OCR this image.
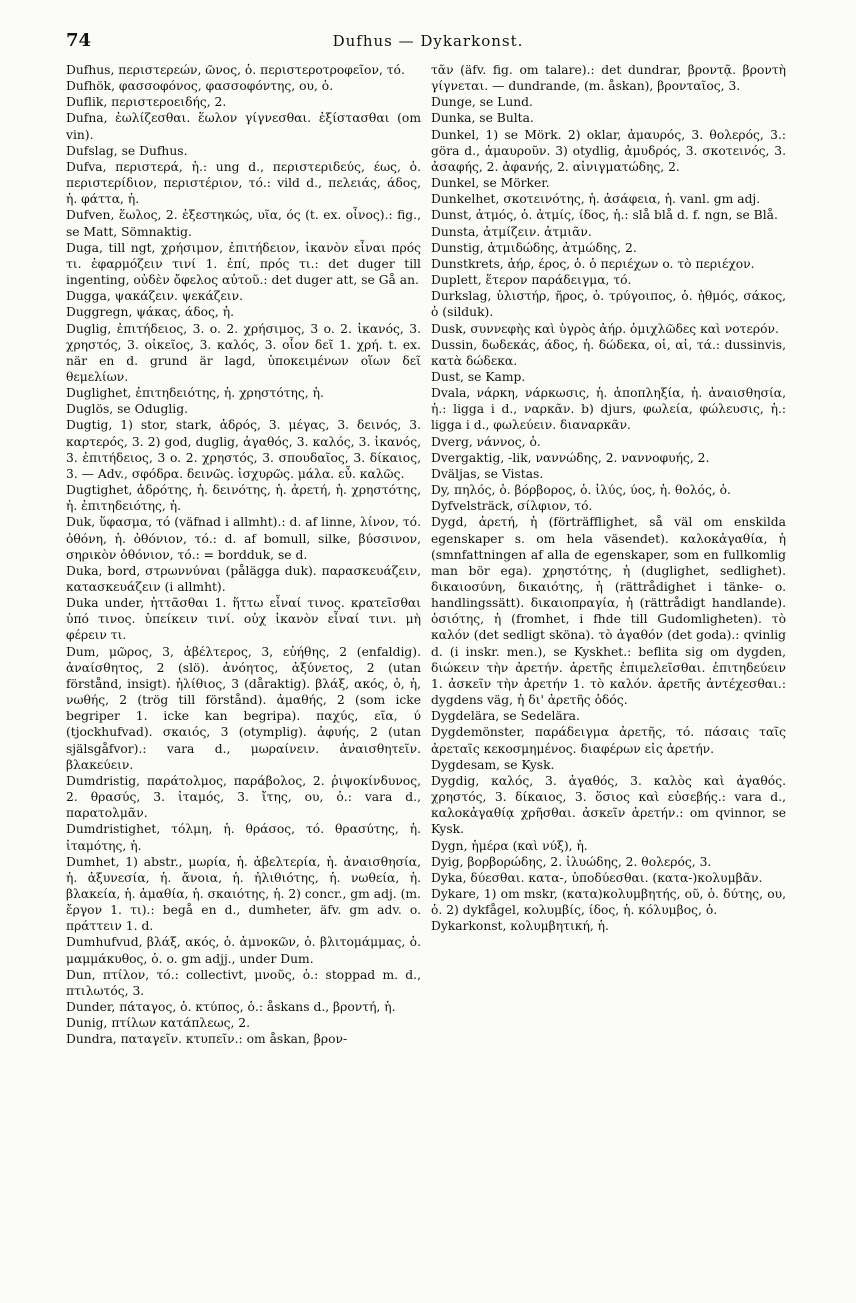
74	Dufhus — Dykarkonst.
Dufhus, περιστερεών, ῶνος, ὁ. περιστεροτροφεῖον, τό.
Dufhök, φασσοφόνος, φασσοφόντης, ου, ὁ.
Duflik, περιστεροειδής, 2.
Dufna, ἐωλίζεσθαι. ἕωλον γίγνεσθαι. ἐξίστασθαι (om vin).
Dufslag, se Dufhus.
Dufva, περιστερά, ἡ.: ung d., περιστεριδεύς, έως, ὁ. περιστερίδιον, περιστέριον, τό.: vild d., πελειάς, άδος, ἡ. φάττα, ἡ.
Dufven, ἕωλος, 2. ἐξεστηκώς, υῖα, ός (t. ex. οἶνος).: fig., se Matt, Sömnaktig.
Duga, till ngt, χρήσιμον, ἐπιτήδειον, ἱκανὸν εἶναι πρός τι. ἐφαρμόζειν τινί 1. ἐπί, πρός τι.: det duger till ingenting, οὐδὲν ὄφελος αὐτοῦ.: det duger att, se Gå an.
Dugga, ψακάζειν. ψεκάζειν.
Duggregn, ψάκας, άδος, ἡ.
Duglig, ἐπιτήδειος, 3. o. 2. χρήσιμος, 3 o. 2. ἱκανός, 3. χρηστός, 3. οἰκεῖος, 3. καλός, 3. οἷον δεῖ 1. χρή. t. ex. när en d. grund är lagd, ὑποκειμένων οἵων δεῖ θεμελίων.
Duglighet, ἐπιτηδειότης, ἡ. χρηστότης, ἡ.
Duglös, se Oduglig.
Dugtig, 1) stor, stark, ἁδρός, 3. μέγας, 3. δεινός, 3. καρτερός, 3. 2) god, duglig, ἀγαθός, 3. καλός, 3. ἱκανός, 3. ἐπιτήδειος, 3 o. 2. χρηστός, 3. σπουδαῖος, 3. δίκαιος, 3. — Adv., σφόδρα. δεινῶς. ἰσχυρῶς. μάλα. εὖ. καλῶς.
Dugtighet, ἁδρότης, ἡ. δεινότης, ἡ. ἀρετή, ἡ. χρηστότης, ἡ. ἐπιτηδειότης, ἡ.
Duk, ὕφασμα, τό (väfnad i allmht).: d. af linne, λίνον, τό. ὀθόνη, ἡ. ὀθόνιον, τό.: d. af bomull, silke, βύσσινον, σηρικὸν ὀθόνιον, τό.: = bordduk, se d.
Duka, bord, στρωννύναι (pålägga duk). παρασκευάζειν, κατασκευάζειν (i allmht).
Duka under, ἡττᾶσθαι 1. ἥττω εἶναί τινος. κρατεῖσθαι ὑπό τινος. ὑπείκειν τινί. οὐχ ἱκανὸν εἶναί τινι. μὴ φέρειν τι.
Dum, μῶρος, 3, ἀβέλτερος, 3, εὐήθης, 2 (enfaldig). ἀναίσθητος, 2 (slö). ἀνόητος, ἀξύνετος, 2 (utan förstånd, insigt). ἠλίθιος, 3 (dåraktig). βλάξ, ακός, ὁ, ἡ, νωθής, 2 (trög till förstånd). ἀμαθής, 2 (som icke begriper 1. icke kan begripa). παχύς, εῖα, ύ (tjockhufvad). σκαιός, 3 (otymplig). ἀφυής, 2 (utan själsgåfvor).: vara d., μωραίνειν. ἀναισθητεῖν. βλακεύειν.
Dumdristig, παράτολμος, παράβολος, 2. ῥιψοκίνδυνος, 2. θρασύς, 3. ἰταμός, 3. ἴτης, ου, ὁ.: vara d., παρατολμᾶν.
Dumdristighet, τόλμη, ἡ. θράσος, τό. θρασύτης, ἡ. ἰταμότης, ἡ.
Dumhet, 1) abstr., μωρία, ἡ. ἀβελτερία, ἡ. ἀναισθησία, ἡ. ἀξυνεσία, ἡ. ἄνοια, ἡ. ἠλιθιότης, ἡ. νωθεία, ἡ. βλακεία, ἡ. ἀμαθία, ἡ. σκαιότης, ἡ. 2) concr., gm adj. (m. ἔργον 1. τι).: begå en d., dumheter, äfv. gm adv. o. πράττειν 1. d.
Dumhufvud, βλάξ, ακός, ὁ. ἀμνοκῶν, ὁ. βλιτομάμμας, ὁ. μαμμάκυθος, ὁ. o. gm adjj., under Dum.
Dun, πτίλον, τό.: collectivt, μνοῦς, ὁ.: stoppad m. d., πτιλωτός, 3.
Dunder, πάταγος, ὁ. κτύπος, ὁ.: åskans d., βροντή, ἡ.
Dunig, πτίλων κατάπλεως, 2.
Dundra, παταγεῖν. κτυπεῖν.: om åskan, βρον-
τᾶν (äfv. fig. om talare).: det dundrar, βροντᾷ. βροντὴ γίγνεται. — dundrande, (m. åskan), βρονταῖος, 3.
Dunge, se Lund.
Dunka, se Bulta.
Dunkel, 1) se Mörk. 2) oklar, ἀμαυρός, 3. θολερός, 3.: göra d., ἀμαυροῦν. 3) otydlig, ἀμυδρός, 3. σκοτεινός, 3. ἀσαφής, 2. ἀφανής, 2. αἰνιγματώδης, 2.
Dunkel, se Mörker.
Dunkelhet, σκοτεινότης, ἡ. ἀσάφεια, ἡ. vanl. gm adj.
Dunst, ἀτμός, ὁ. ἀτμίς, ίδος, ἡ.: slå blå d. f. ngn, se Blå.
Dunsta, ἀτμίζειν. ἀτμιᾶν.
Dunstig, ἀτμιδώδης, ἀτμώδης, 2.
Dunstkrets, ἀήρ, έρος, ὁ. ὁ περιέχων o. τὸ περιέχον.
Duplett, ἕτερον παράδειγμα, τό.
Durkslag, ὑλιστήρ, ῆρος, ὁ. τρύγοιπος, ὁ. ἠθμός, σάκος, ὁ (silduk).
Dusk, συννεφὴς καὶ ὑγρὸς ἀήρ. ὁμιχλῶδες καὶ νοτερόν.
Dussin, δωδεκάς, άδος, ἡ. δώδεκα, οἱ, αἱ, τά.: dussinvis, κατὰ δώδεκα.
Dust, se Kamp.
Dvala, νάρκη, νάρκωσις, ἡ. ἀποπληξία, ἡ. ἀναισθησία, ἡ.: ligga i d., ναρκᾶν. b) djurs, φωλεία, φώλευσις, ἡ.: ligga i d., φωλεύειν. διαναρκᾶν.
Dverg, νάννος, ὁ.
Dvergaktig, -lik, ναννώδης, 2. ναννοφυής, 2.
Dväljas, se Vistas.
Dy, πηλός, ὁ. βόρβορος, ὁ. ἰλύς, ύος, ἡ. θολός, ὁ.
Dyfvelsträck, σίλφιον, τό.
Dygd, ἀρετή, ἡ (förträfflighet, så väl om enskilda egenskaper s. om hela väsendet). καλοκἀγαθία, ἡ (smnfattningen af alla de egenskaper, som en fullkomlig man bör ega). χρηστότης, ἡ (duglighet, sedlighet). δικαιοσύνη, δικαιότης, ἡ (rättrådighet i tänke- o. handlingssätt). δικαιοπραγία, ἡ (rättrådigt handlande). ὁσιότης, ἡ (fromhet, i fhde till Gudomligheten). τὸ καλόν (det sedligt sköna). τὸ ἀγαθόν (det goda).: qvinlig d. (i inskr. men.), se Kyskhet.: beflita sig om dygden, διώκειν τὴν ἀρετήν. ἀρετῆς ἐπιμελεῖσθαι. ἐπιτηδεύειν 1. ἀσκεῖν τὴν ἀρετήν 1. τὸ καλόν. ἀρετῆς ἀντέχεσθαι.: dygdens väg, ἡ δι' ἀρετῆς ὁδός.
Dygdelära, se Sedelära.
Dygdemönster, παράδειγμα ἀρετῆς, τό. πάσαις ταῖς ἀρεταῖς κεκοσμημένος. διαφέρων εἰς ἀρετήν.
Dygdesam, se Kysk.
Dygdig, καλός, 3. ἀγαθός, 3. καλὸς καὶ ἀγαθός. χρηστός, 3. δίκαιος, 3. ὅσιος καὶ εὐσεβής.: vara d., καλοκἀγαθίᾳ χρῆσθαι. ἀσκεῖν ἀρετήν.: om qvinnor, se Kysk.
Dygn, ἡμέρα (καὶ νύξ), ἡ.
Dyig, βορβορώδης, 2. ἰλυώδης, 2. θολερός, 3.
Dyka, δύεσθαι. κατα-, ὑποδύεσθαι. (κατα-)κολυμβᾶν.
Dykare, 1) om mskr, (κατα)κολυμβητής, οῦ, ὁ. δύτης, ου, ὁ. 2) dykfågel, κολυμβίς, ίδος, ἡ. κόλυμβος, ὁ.
Dykarkonst, κολυμβητική, ἡ.
